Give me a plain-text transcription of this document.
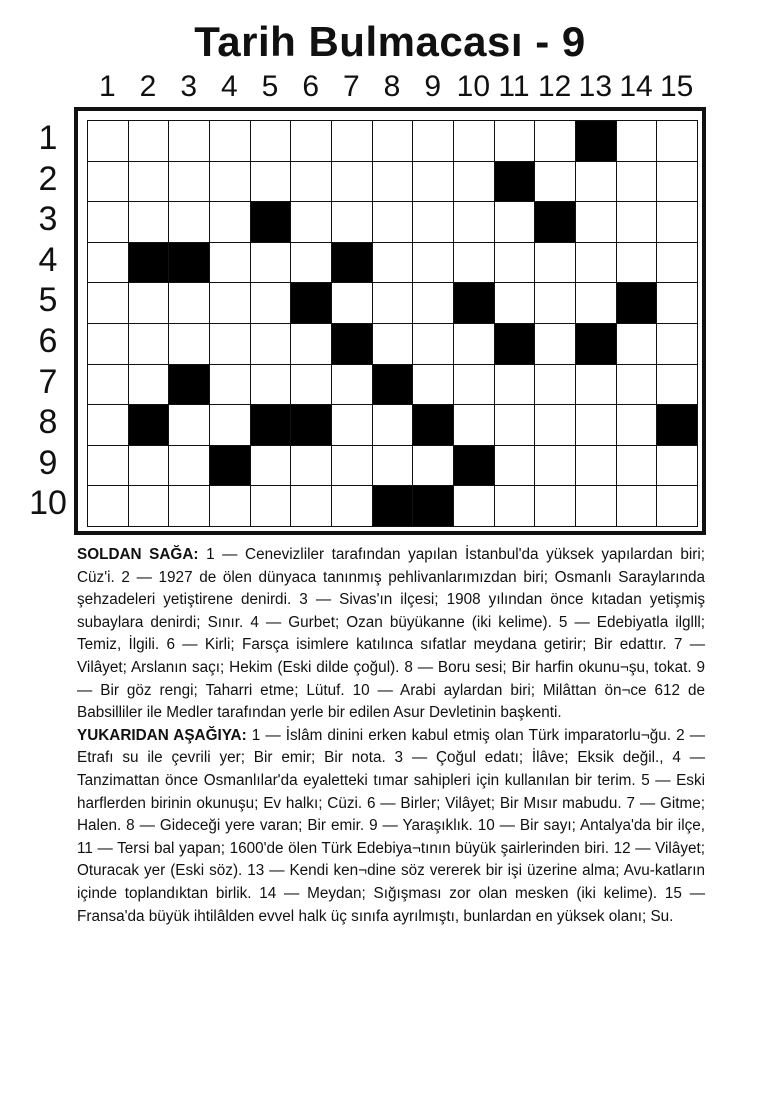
Tarih Bulmacası - 9
1 2 3 4 5 6 7 8 9 10 11 12 13 14 15
1
2
3
4
5
6
7
8
9
10

SOLDAN SAĞA: 1 — Cenevizliler tarafından yapılan İstanbul'da yüksek yapılardan biri; Cüz'i. 2 — 1927 de ölen dünyaca tanınmış pehlivanlarımızdan biri; Osmanlı Saraylarında şehzadeleri yetiştirene denirdi. 3 — Sivas'ın ilçesi; 1908 yılından önce kıtadan yetişmiş subaylara denirdi; Sınır. 4 — Gurbet; Ozan büyükanne (iki kelime). 5 — Edebiyatla ilglll; Temiz, İlgili. 6 — Kirli; Farsça isimlere katılınca sıfatlar meydana getirir; Bir edattır. 7 — Vilâyet; Arslanın saçı; Hekim (Eski dilde çoğul). 8 — Boru sesi; Bir harfin okunu¬şu, tokat. 9 — Bir göz rengi; Taharri etme; Lütuf. 10 — Arabi aylardan biri; Milâttan ön¬ce 612 de Babsilliler ile Medler tarafından yerle bir edilen Asur Devletinin başkenti.

YUKARIDAN AŞAĞIYA: 1 — İslâm dinini erken kabul etmiş olan Türk imparatorlu¬ğu. 2 — Etrafı su ile çevrili yer; Bir emir; Bir nota. 3 — Çoğul edatı; İlâve; Eksik değil., 4 — Tanzimattan önce Osmanlılar'da eyaletteki tımar sahipleri için kullanılan bir terim. 5 — Eski harflerden birinin okunuşu; Ev halkı; Cüzi. 6 — Birler; Vilâyet; Bir Mısır mabudu. 7 — Gitme; Halen. 8 — Gideceği yere varan; Bir emir. 9 — Yaraşıklık. 10 — Bir sayı; Antalya'da bir ilçe, 11 — Tersi bal yapan; 1600'de ölen Türk Edebiya¬tının büyük şairlerinden biri. 12 — Vilâyet; Oturacak yer (Eski söz). 13 — Kendi ken¬dine söz vererek bir işi üzerine alma; Avu-katların içinde toplandıktan birlik. 14 — Meydan; Sığışması zor olan mesken (iki kelime). 15 — Fransa'da büyük ihtilâlden evvel halk üç sınıfa ayrılmıştı, bunlardan en yüksek olanı; Su.
